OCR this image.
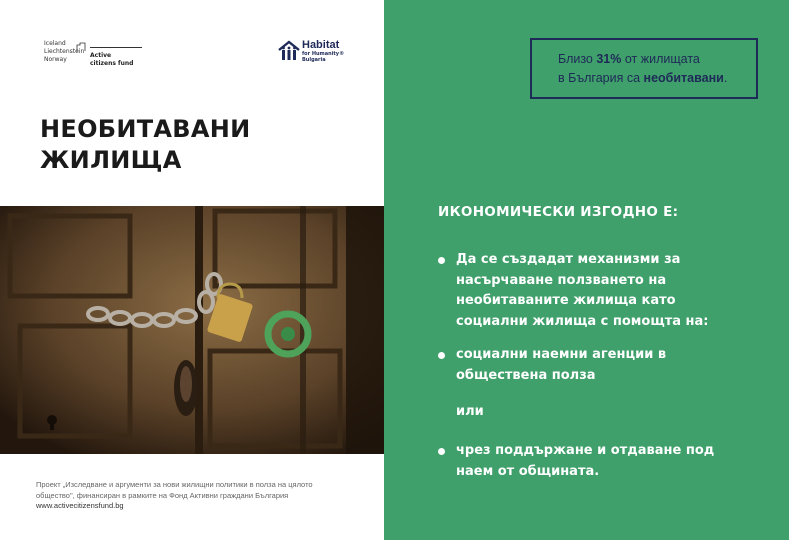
Iceland
Liechtenstein
Norway
Active
citizens fund
Habitat
for Humanity®
Bulgaria
НЕОБИТАВАНИ
ЖИЛИЩА
Проект „Изследване и аргументи за нови жилищни политики в полза на цялото
общество", финансиран в рамките на Фонд Активни граждани България
www.activecitizensfund.bg
Близо 31% от жилищата
в България са необитавани.
ИКОНОМИЧЕСКИ ИЗГОДНО Е:
Да се създадат механизми за насърчаване ползването на необитаваните жилища като социални жилища с помощта на:
социални наемни агенции в обществена полза
чрез поддържане и отдаване под наем от общината.
или
